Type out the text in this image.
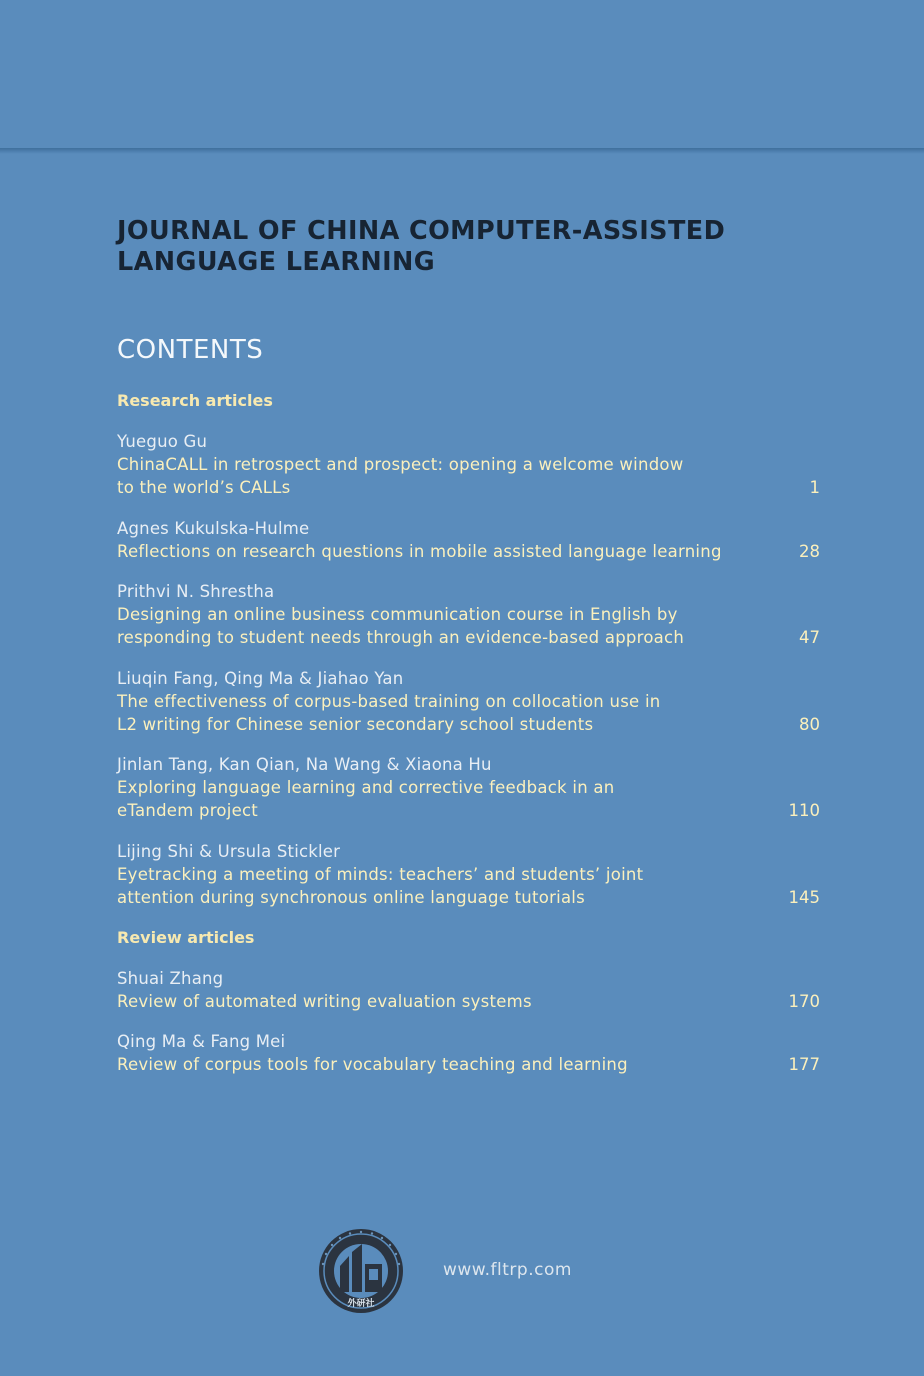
JOURNAL OF CHINA COMPUTER-ASSISTED
LANGUAGE LEARNING
CONTENTS
Research articles
Yueguo Gu
ChinaCALL in retrospect and prospect: opening a welcome window
to the world’s CALLs	1
Agnes Kukulska-Hulme
Reflections on research questions in mobile assisted language learning	28
Prithvi N. Shrestha
Designing an online business communication course in English by
responding to student needs through an evidence-based approach	47
Liuqin Fang, Qing Ma & Jiahao Yan
The effectiveness of corpus-based training on collocation use in
L2 writing for Chinese senior secondary school students	80
Jinlan Tang, Kan Qian, Na Wang & Xiaona Hu
Exploring language learning and corrective feedback in an
eTandem project	110
Lijing Shi & Ursula Stickler
Eyetracking a meeting of minds: teachers’ and students’ joint
attention during synchronous online language tutorials	145
Review articles
Shuai Zhang
Review of automated writing evaluation systems	170
Qing Ma & Fang Mei
Review of corpus tools for vocabulary teaching and learning	177
外研社
www.fltrp.com
